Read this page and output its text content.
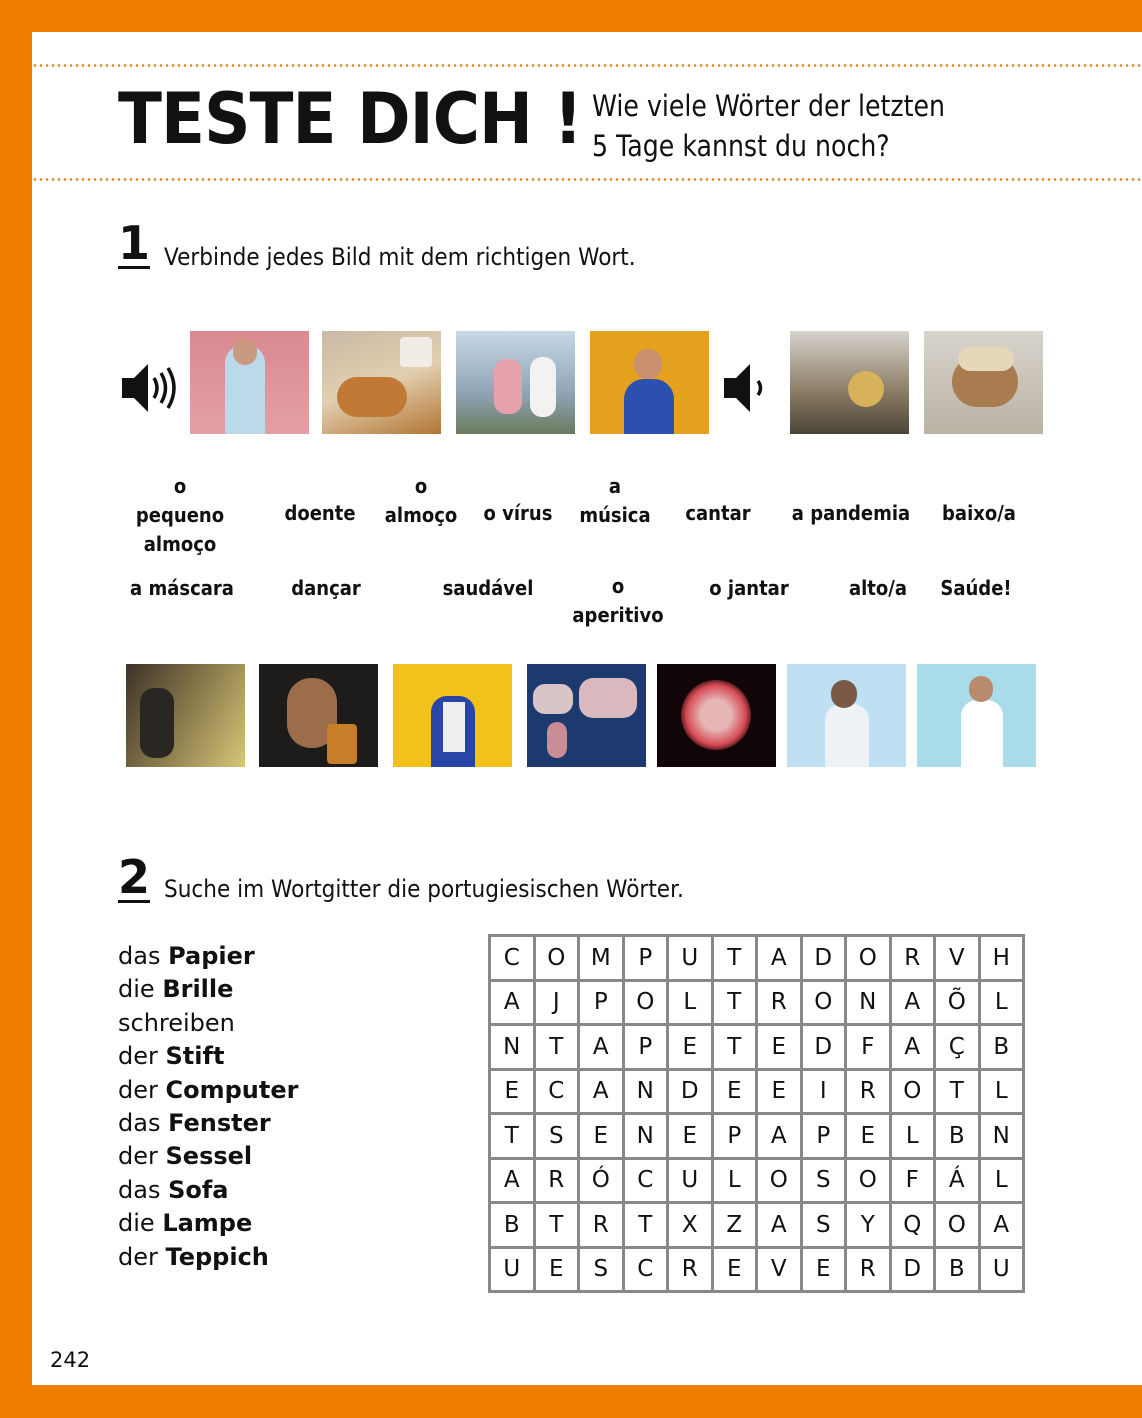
TESTE DICH ! Wie viele Wörter der letzten
5 Tage kannst du noch?
1 Verbinde jedes Bild mit dem richtigen Wort.
o pequeno almoço
doente
o almoço	o vírus
a música	cantar	a pandemia	baixo/a
a máscara	dançar	saudável	o aperitivo
o jantar	alto/a	Saúde!
2 Suche im Wortgitter die portugiesischen Wörter.
das Papier
die Brille
schreiben
der Stift
der Computer
das Fenster
der Sessel
das Sofa
die Lampe
der Teppich
C	O	M	P	U	T	A	D	O	R	V	H
A	J	P	O	L	T	R	O	N	A	Õ	L
N	T	A	P	E	T	E	D	F	A	Ç	B
E	C	A	N	D	E	E	I	R	O	T	L
T	S	E	N	E	P	A	P	E	L	B	N
A	R	Ó	C	U	L	O	S	O	F	Á	L
B	T	R	T	X	Z	A	S	Y	Q	O	A
U	E	S	C	R	E	V	E	R	D	B	U
242
